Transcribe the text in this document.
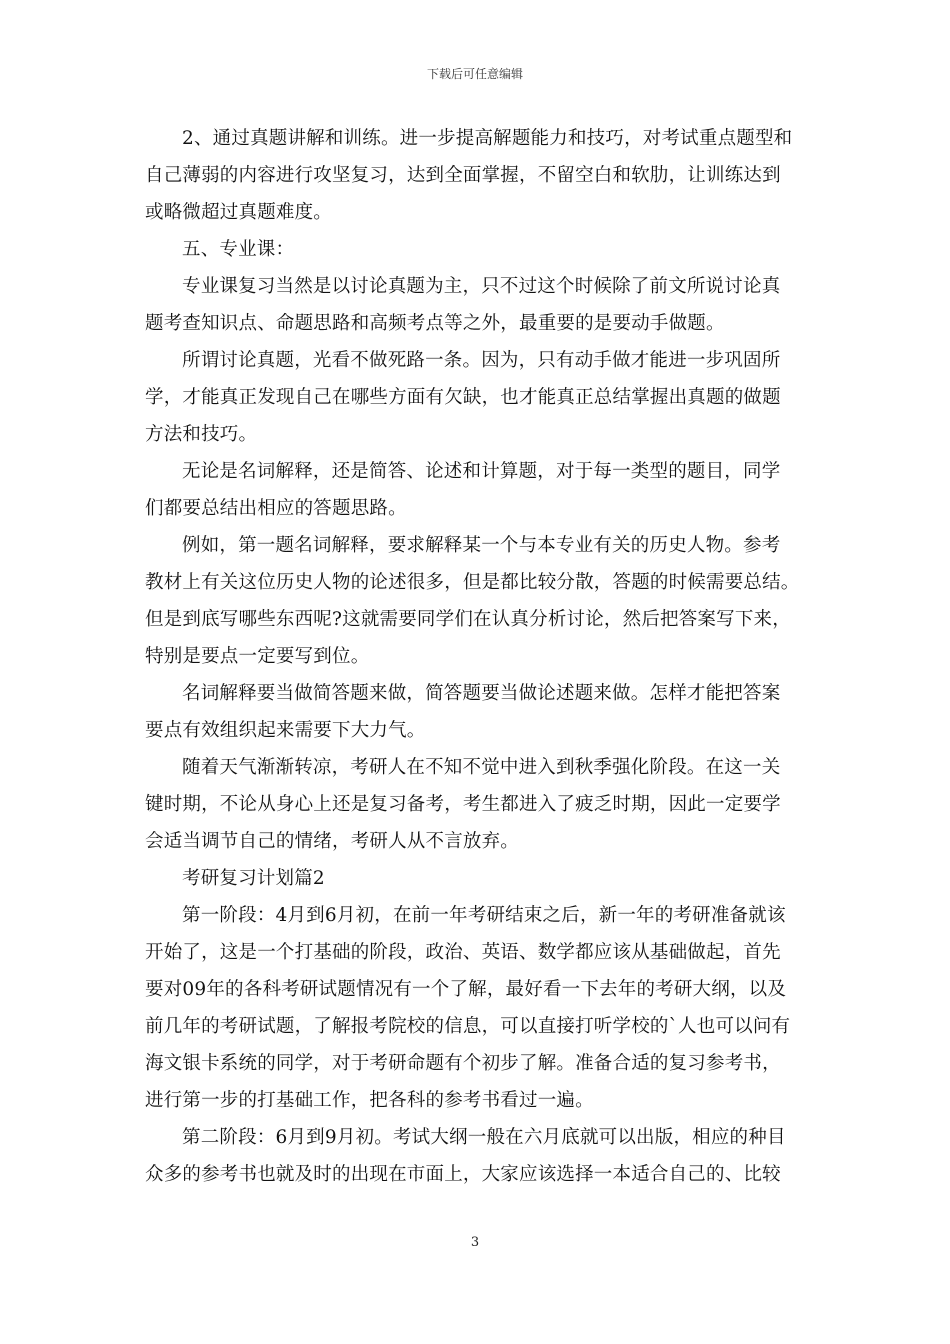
下载后可任意编辑
2、通过真题讲解和训练。进一步提高解题能力和技巧，对考试重点题型和
自己薄弱的内容进行攻坚复习，达到全面掌握，不留空白和软肋，让训练达到
或略微超过真题难度。
五、专业课：
专业课复习当然是以讨论真题为主，只不过这个时候除了前文所说讨论真
题考查知识点、命题思路和高频考点等之外，最重要的是要动手做题。
所谓讨论真题，光看不做死路一条。因为，只有动手做才能进一步巩固所
学，才能真正发现自己在哪些方面有欠缺，也才能真正总结掌握出真题的做题
方法和技巧。
无论是名词解释，还是简答、论述和计算题，对于每一类型的题目，同学
们都要总结出相应的答题思路。
例如，第一题名词解释，要求解释某一个与本专业有关的历史人物。参考
教材上有关这位历史人物的论述很多，但是都比较分散，答题的时候需要总结。
但是到底写哪些东西呢?这就需要同学们在认真分析讨论，然后把答案写下来，
特别是要点一定要写到位。
名词解释要当做简答题来做，简答题要当做论述题来做。怎样才能把答案
要点有效组织起来需要下大力气。
随着天气渐渐转凉，考研人在不知不觉中进入到秋季强化阶段。在这一关
键时期，不论从身心上还是复习备考，考生都进入了疲乏时期，因此一定要学
会适当调节自己的情绪，考研人从不言放弃。
考研复习计划篇2
第一阶段：4月到6月初，在前一年考研结束之后，新一年的考研准备就该
开始了，这是一个打基础的阶段，政治、英语、数学都应该从基础做起，首先
要对09年的各科考研试题情况有一个了解，最好看一下去年的考研大纲，以及
前几年的考研试题，了解报考院校的信息，可以直接打听学校的`人也可以问有
海文银卡系统的同学，对于考研命题有个初步了解。准备合适的复习参考书，
进行第一步的打基础工作，把各科的参考书看过一遍。
第二阶段：6月到9月初。考试大纲一般在六月底就可以出版，相应的种目
众多的参考书也就及时的出现在市面上，大家应该选择一本适合自己的、比较
3
